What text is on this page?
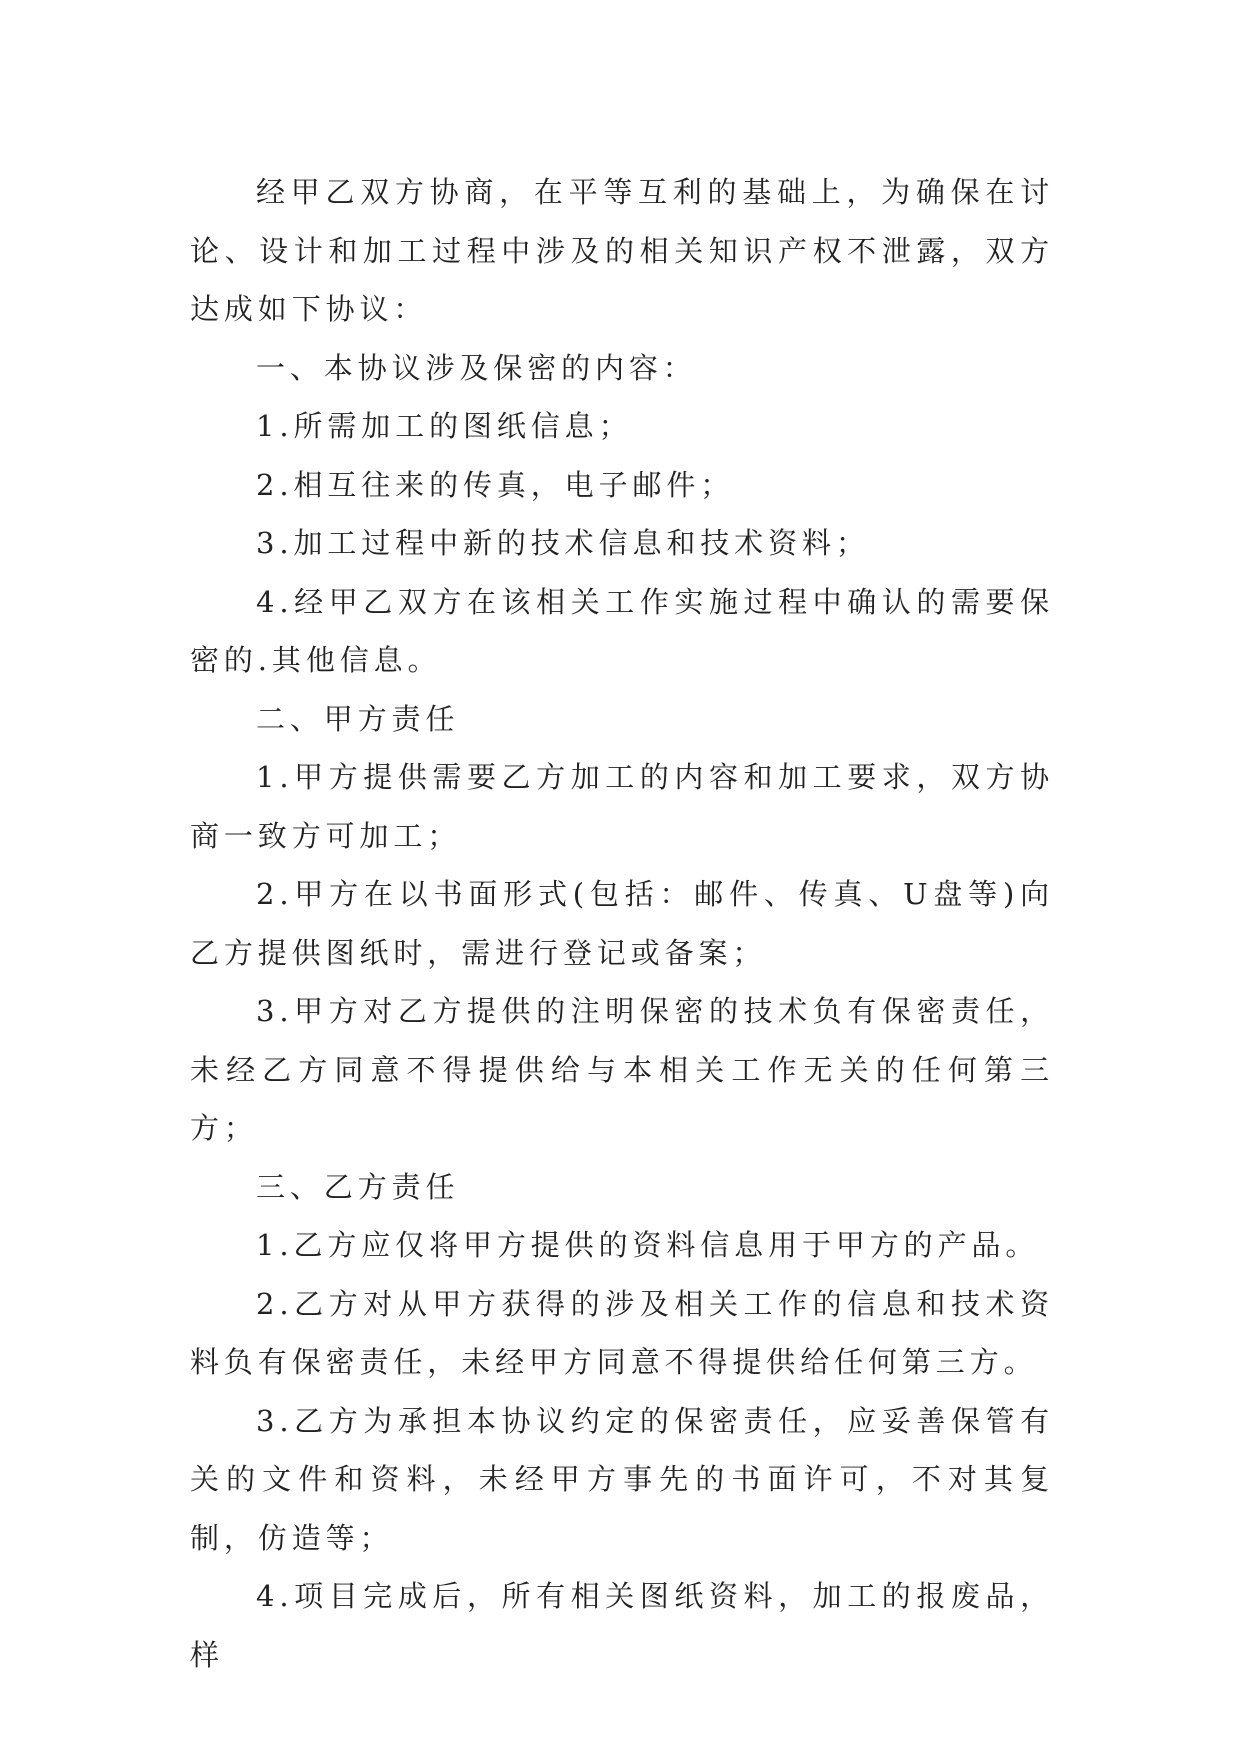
经甲乙双方协商，在平等互利的基础上，为确保在讨论、设计和加工过程中涉及的相关知识产权不泄露，双方达成如下协议：

一、本协议涉及保密的内容：

1.所需加工的图纸信息；

2.相互往来的传真，电子邮件；

3.加工过程中新的技术信息和技术资料；

4.经甲乙双方在该相关工作实施过程中确认的需要保密的.其他信息。

二、甲方责任

1.甲方提供需要乙方加工的内容和加工要求，双方协商一致方可加工；

2.甲方在以书面形式(包括：邮件、传真、U盘等)向乙方提供图纸时，需进行登记或备案；

3.甲方对乙方提供的注明保密的技术负有保密责任，未经乙方同意不得提供给与本相关工作无关的任何第三方；

三、乙方责任

1.乙方应仅将甲方提供的资料信息用于甲方的产品。

2.乙方对从甲方获得的涉及相关工作的信息和技术资料负有保密责任，未经甲方同意不得提供给任何第三方。

3.乙方为承担本协议约定的保密责任，应妥善保管有关的文件和资料，未经甲方事先的书面许可，不对其复制，仿造等；

4.项目完成后，所有相关图纸资料，加工的报废品，样
